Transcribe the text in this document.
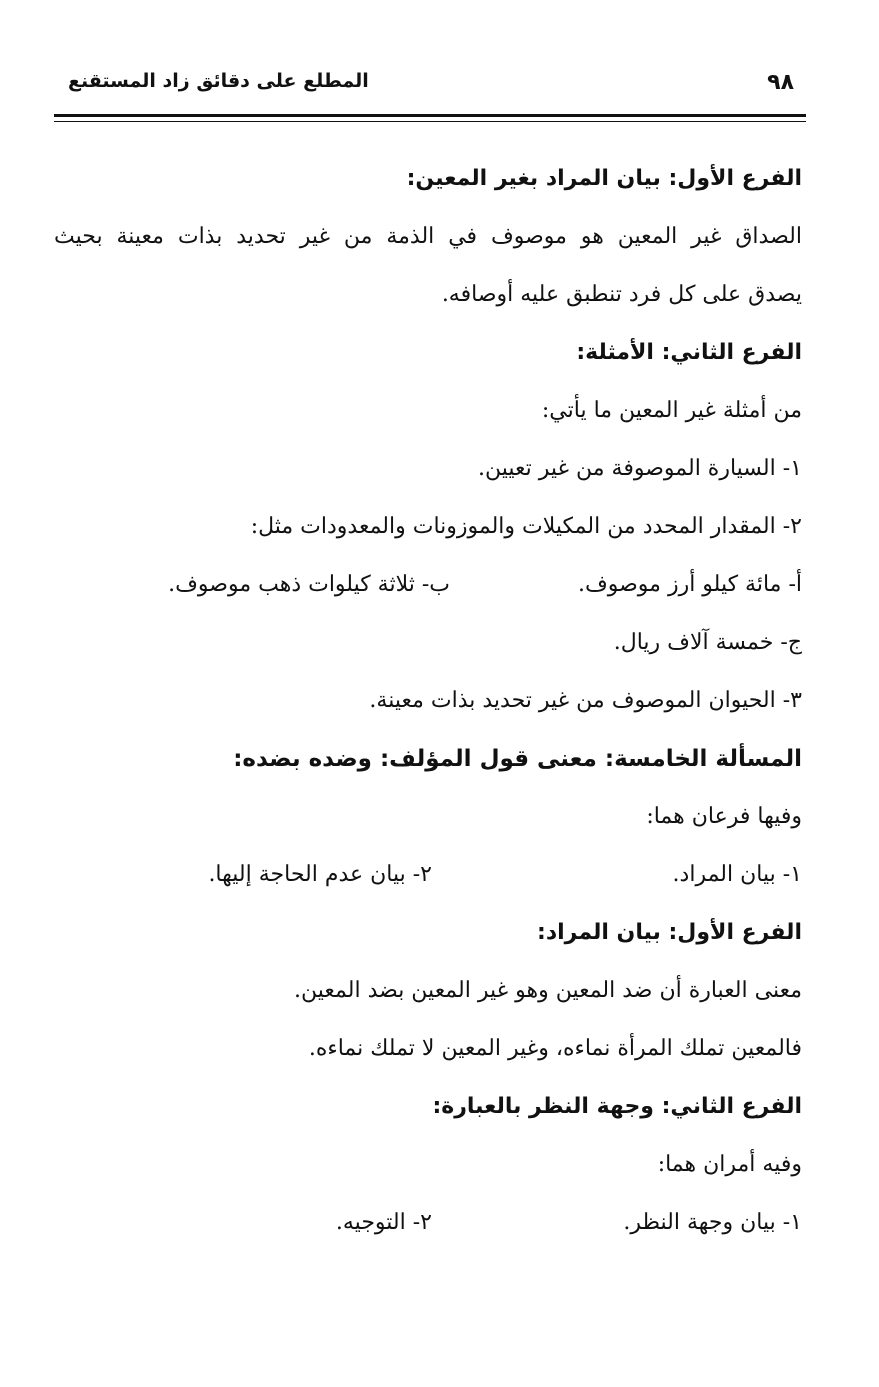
٩٨
المطلع على دقائق زاد المستقنع
الفرع الأول: بيان المراد بغير المعين:
الصداق غير المعين هو موصوف في الذمة من غير تحديد بذات معينة بحيث
يصدق على كل فرد تنطبق عليه أوصافه.
الفرع الثاني: الأمثلة:
من أمثلة غير المعين ما يأتي:
١- السيارة الموصوفة من غير تعيين.
٢- المقدار المحدد من المكيلات والموزونات والمعدودات مثل:
أ- مائة كيلو أرز موصوف.
ب- ثلاثة كيلوات ذهب موصوف.
ج- خمسة آلاف ريال.
٣- الحيوان الموصوف من غير تحديد بذات معينة.
المسألة الخامسة: معنى قول المؤلف: وضده بضده:
وفيها فرعان هما:
١- بيان المراد.
٢- بيان عدم الحاجة إليها.
الفرع الأول: بيان المراد:
معنى العبارة أن ضد المعين وهو غير المعين بضد المعين.
فالمعين تملك المرأة نماءه، وغير المعين لا تملك نماءه.
الفرع الثاني: وجهة النظر بالعبارة:
وفيه أمران هما:
١- بيان وجهة النظر.
٢- التوجيه.
